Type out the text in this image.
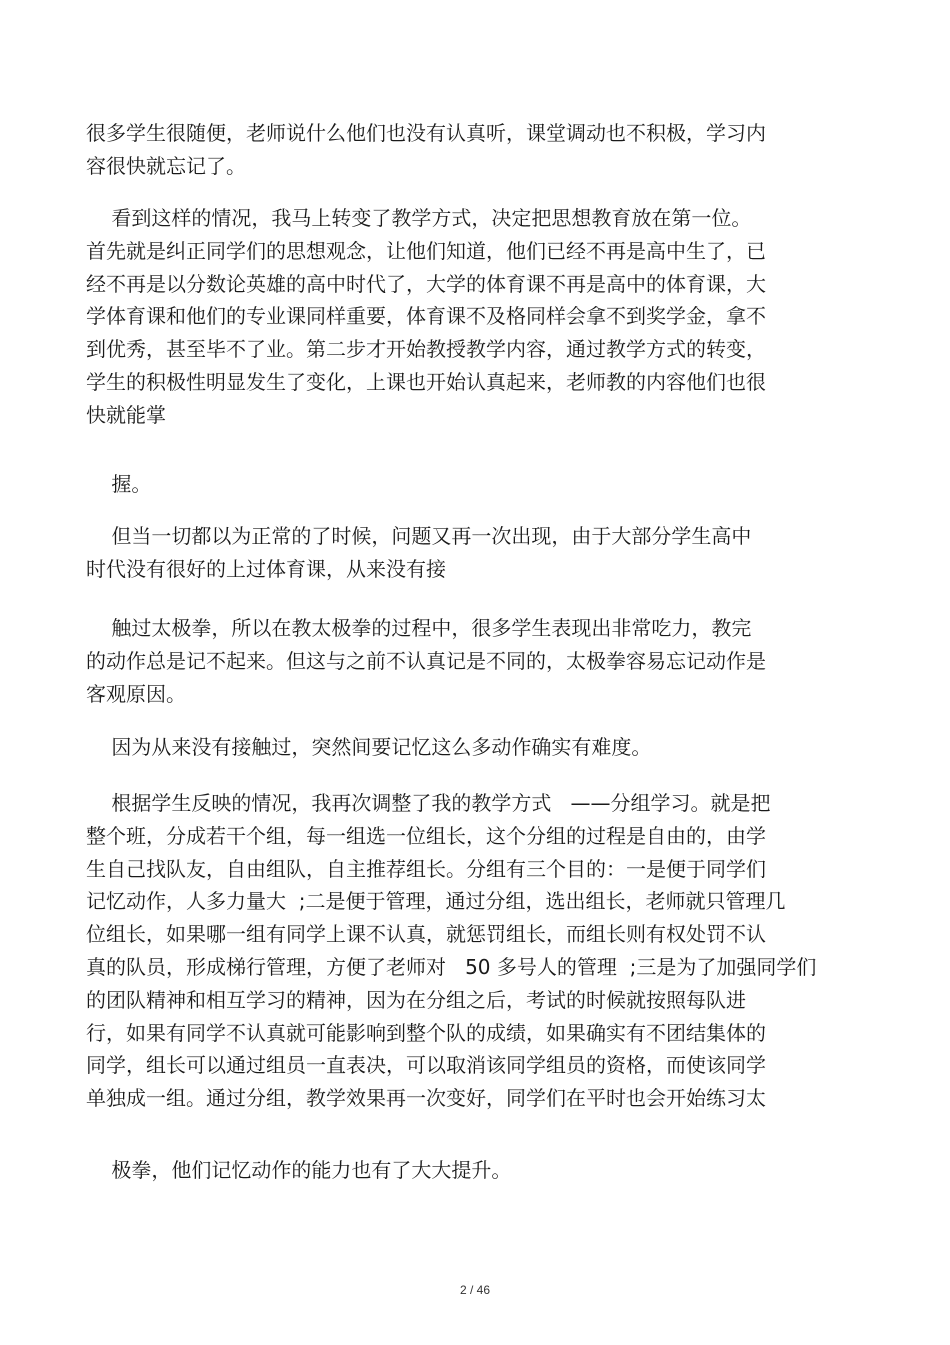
很多学生很随便，老师说什么他们也没有认真听，课堂调动也不积极，学习内
容很快就忘记了。
看到这样的情况，我马上转变了教学方式，决定把思想教育放在第一位。
首先就是纠正同学们的思想观念，让他们知道，他们已经不再是高中生了，已
经不再是以分数论英雄的高中时代了，大学的体育课不再是高中的体育课，大
学体育课和他们的专业课同样重要，体育课不及格同样会拿不到奖学金，拿不
到优秀，甚至毕不了业。第二步才开始教授教学内容，通过教学方式的转变，
学生的积极性明显发生了变化，上课也开始认真起来，老师教的内容他们也很
快就能掌
握。
但当一切都以为正常的了时候，问题又再一次出现，由于大部分学生高中
时代没有很好的上过体育课，从来没有接
触过太极拳，所以在教太极拳的过程中，很多学生表现出非常吃力，教完
的动作总是记不起来。但这与之前不认真记是不同的，太极拳容易忘记动作是
客观原因。
因为从来没有接触过，突然间要记忆这么多动作确实有难度。
根据学生反映的情况，我再次调整了我的教学方式   ——分组学习。就是把
整个班，分成若干个组，每一组选一位组长，这个分组的过程是自由的，由学
生自己找队友，自由组队，自主推荐组长。分组有三个目的：一是便于同学们
记忆动作，人多力量大  ;二是便于管理，通过分组，选出组长，老师就只管理几
位组长，如果哪一组有同学上课不认真，就惩罚组长，而组长则有权处罚不认
真的队员，形成梯行管理，方便了老师对   50 多号人的管理  ;三是为了加强同学们
的团队精神和相互学习的精神，因为在分组之后，考试的时候就按照每队进
行，如果有同学不认真就可能影响到整个队的成绩，如果确实有不团结集体的
同学，组长可以通过组员一直表决，可以取消该同学组员的资格，而使该同学
单独成一组。通过分组，教学效果再一次变好，同学们在平时也会开始练习太
极拳，他们记忆动作的能力也有了大大提升。
2 / 46
